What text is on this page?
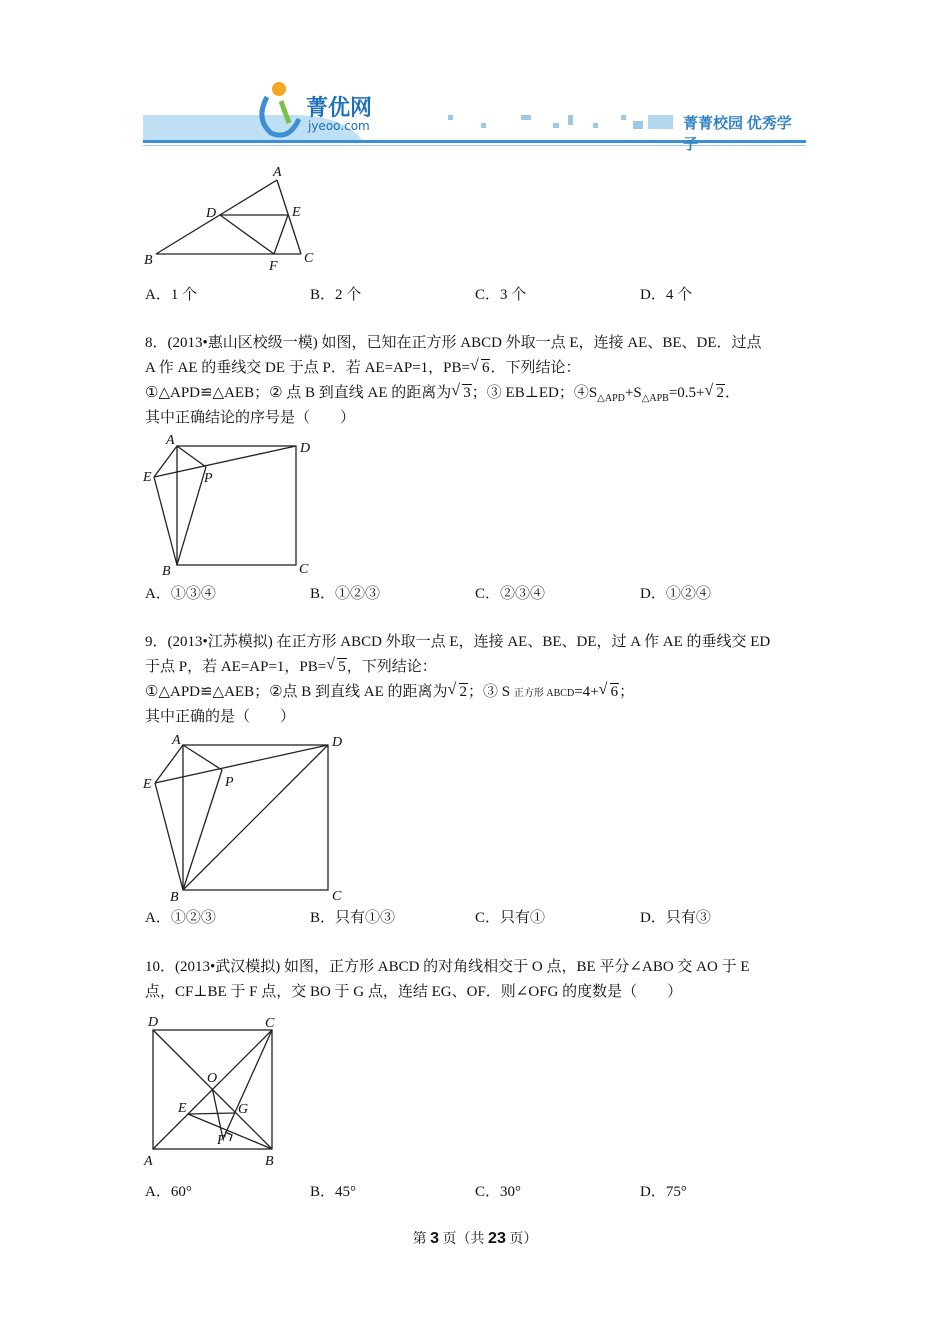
菁优网
jyeoo.com	菁菁校园 优秀学子
A
D	E
B	F
C
A．1 个	B．2 个	C．3 个	D．4 个
8．(2013•惠山区校级一模) 如图，已知在正方形 ABCD 外取一点 E，连接 AE、BE、DE．过点
A 作 AE 的垂线交 DE 于点 P．若 AE=AP=1，PB= √ 6．下列结论：
①△APD≌△AEB；② 点 B 到直线 AE 的距离为 √ 3；③ EB⊥ED；$④S_{\triangle APD}+S_{\triangle APB}=0.5+$ √ 2．
其中正确结论的序号是（　　）
A
D
E	P
B	C
A．①③④	B．①②③	C．②③④	D．①②④
9．(2013•江苏模拟) 在正方形 ABCD 外取一点 E，连接 AE、BE、DE，过 A 作 AE 的垂线交 ED
于点 P，若 AE=AP=1，PB= √ 5，下列结论：
①△APD≌△AEB；②点 B 到直线 AE 的距离为 √ 2；③ S 正方形 ABCD=4+ √ 6；
其中正确的是（　　）
A	D
E	P
B	C
A．①②③	B．只有①③	C．只有①	D．只有③
10．(2013•武汉模拟) 如图，正方形 ABCD 的对角线相交于 O 点，BE 平分∠ABO 交 AO 于 E
点，CF⊥BE 于 F 点，交 BO 于 G 点，连结 EG、OF．则∠OFG 的度数是（　　）
D	C
O
E	G
F
A	B
A．60°	B．45°	C．30°	D．75°
第 3 页（共 23 页）
